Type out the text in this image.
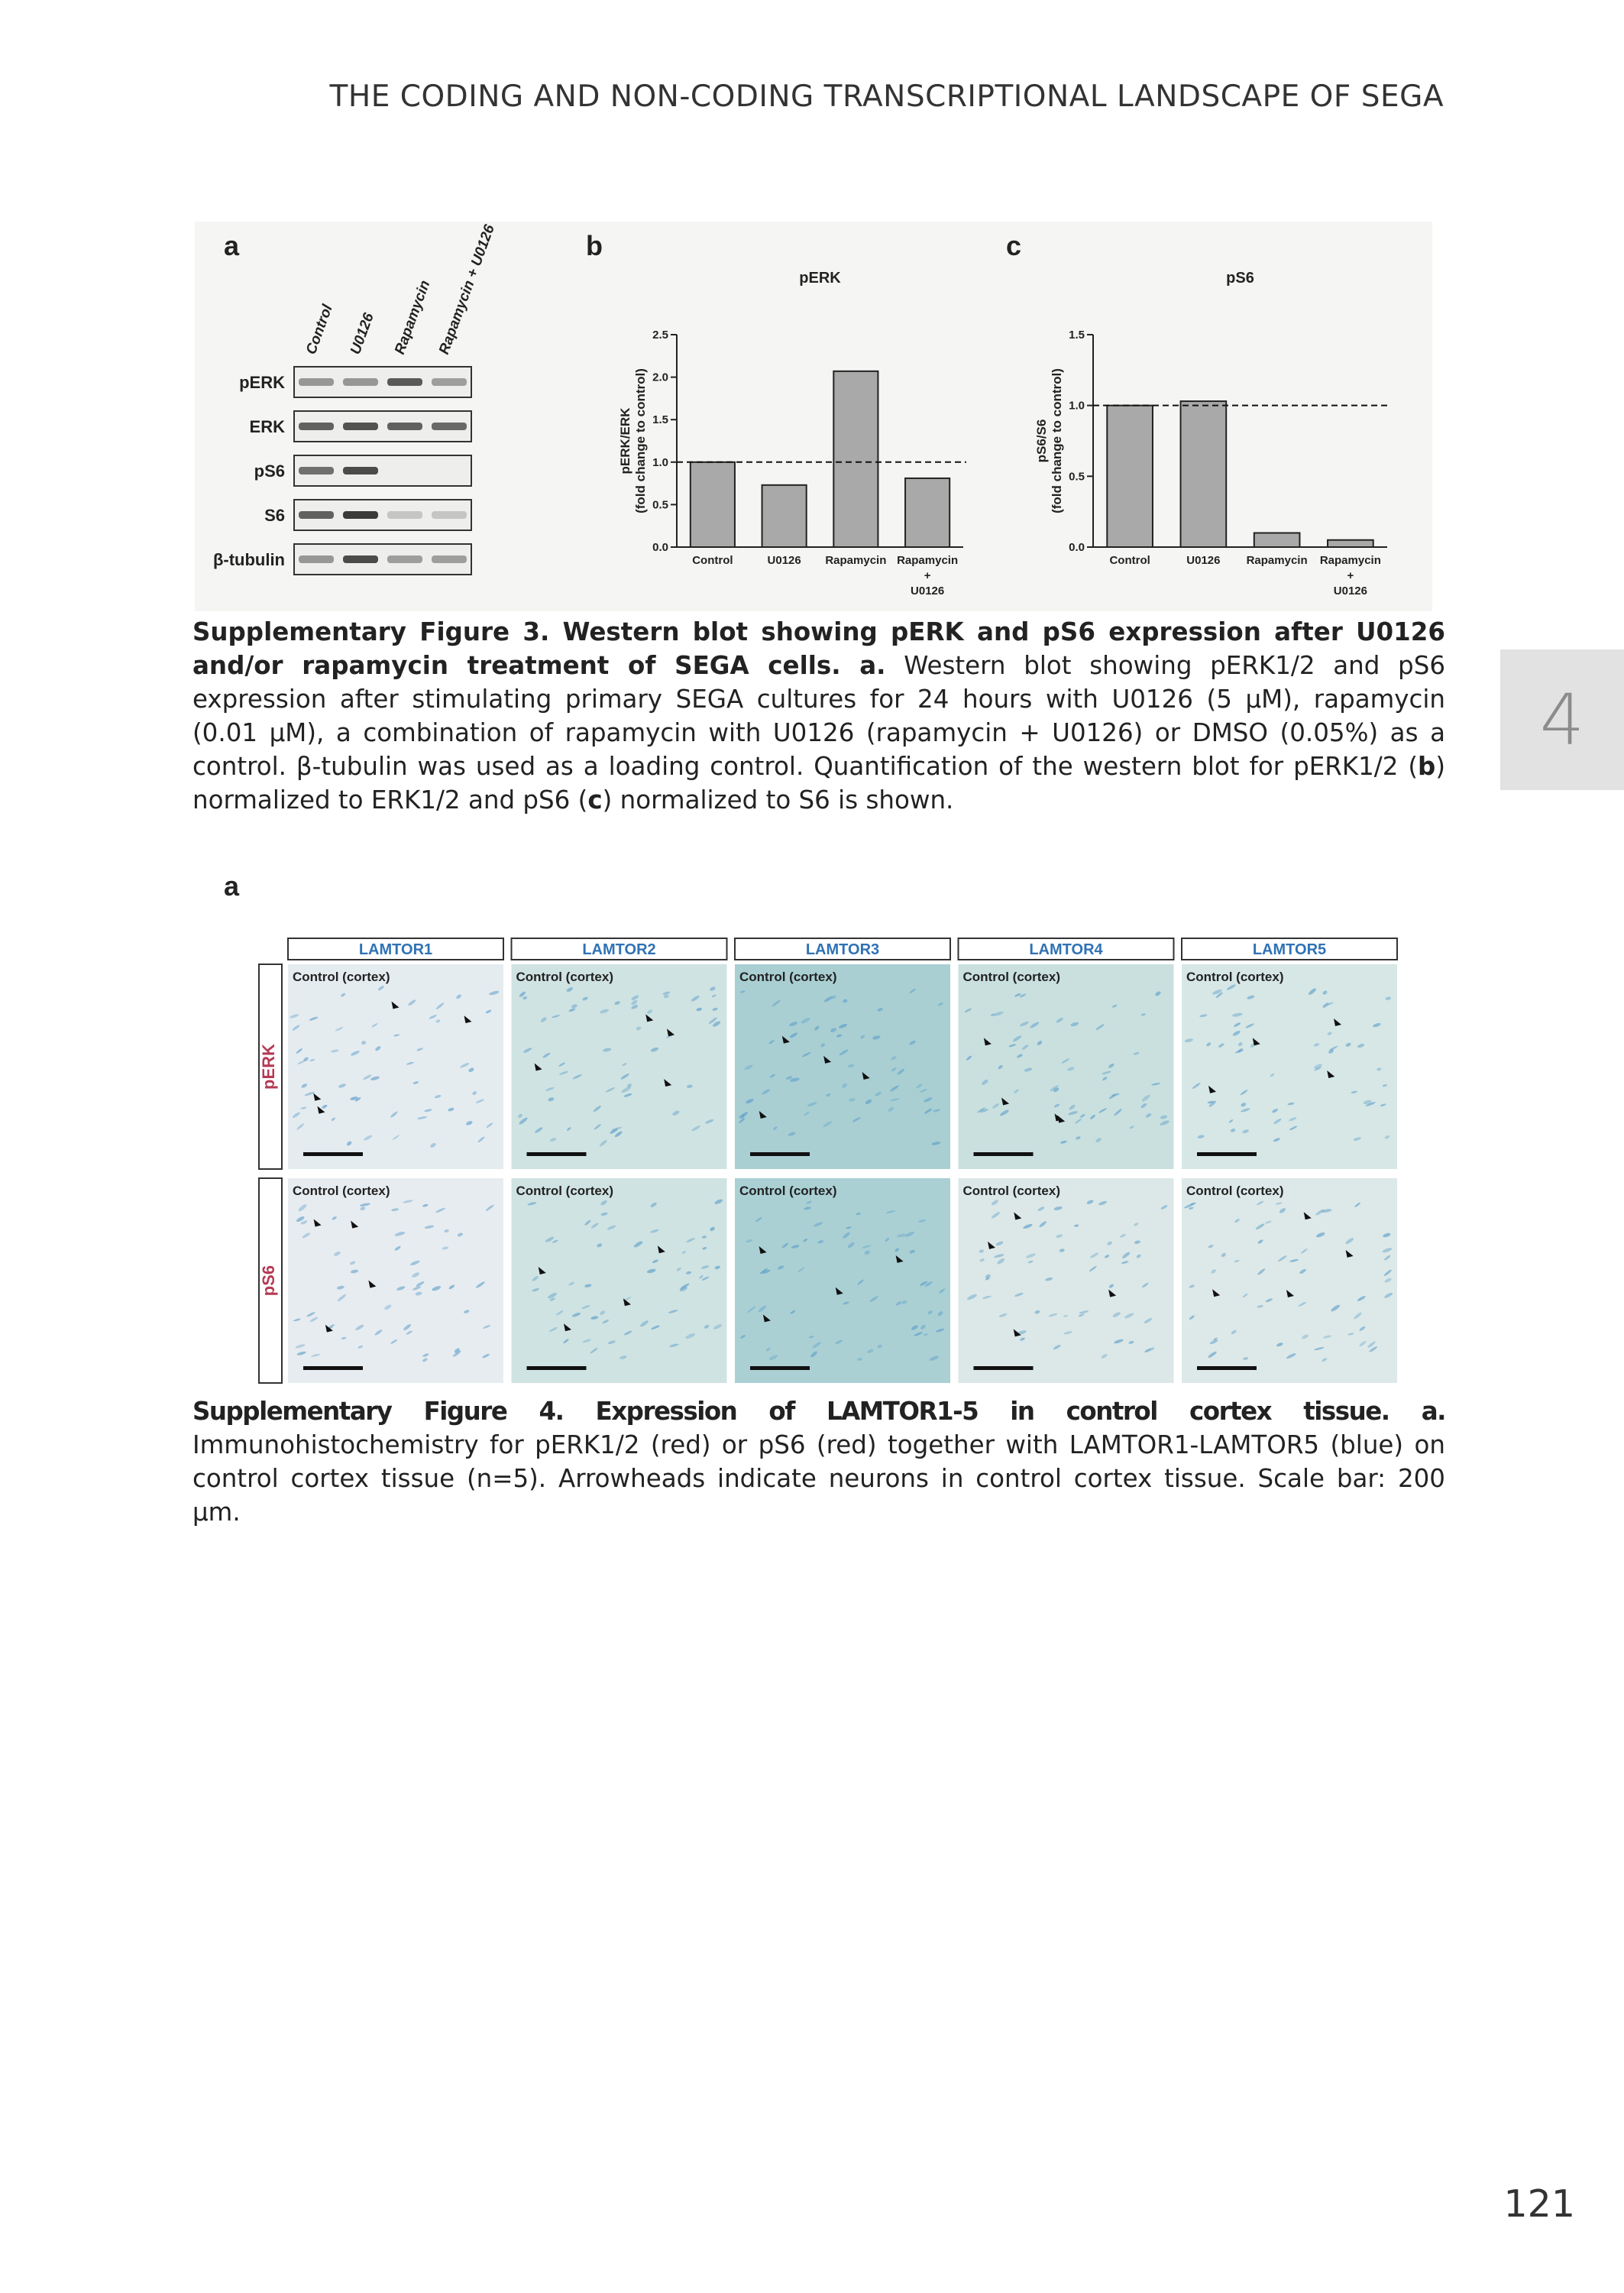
THE CODING AND NON-CODING TRANSCRIPTIONAL LANDSCAPE OF SEGA
4
a	b	c
Control U0126 Rapamycin Rapamycin + U0126
pERK
ERK
pS6
S6
β-tubulin
pERK
0.0
0.5
1.0
1.5
2.0
2.5
pERK/ERK (fold change to control)
Control	U0126 Rapamycin Rapamycin
+
U0126
pS6
0.0
0.5
1.0
1.5
pS6/S6 (fold change to control)
Control	U0126 Rapamycin Rapamycin
+
U0126
Supplementary Figure 3. Western blot showing pERK and pS6 expression after U0126 and/or rapamycin treatment of SEGA cells. a. Western blot showing pERK1/2 and pS6 expression after stimulating primary SEGA cultures for 24 hours with U0126 (5 μM), rapamycin (0.01 μM), a combination of rapamycin with U0126 (rapamycin + U0126) or DMSO (0.05%) as a control. β-tubulin was used as a loading control. Quantification of the western blot for pERK1/2 (b) normalized to ERK1/2 and pS6 (c) normalized to S6 is shown.
a
LAMTOR1	LAMTOR2	LAMTOR3	LAMTOR4	LAMTOR5
pERK
Control (cortex)	Control (cortex)	Control (cortex)	Control (cortex)	Control (cortex)
pS6
Control (cortex)	Control (cortex)	Control (cortex)	Control (cortex)	Control (cortex)
Supplementary Figure 4. Expression of LAMTOR1-5 in control cortex tissue. a. Immunohistochemistry for pERK1/2 (red) or pS6 (red) together with LAMTOR1-LAMTOR5 (blue) on control cortex tissue (n=5). Arrowheads indicate neurons in control cortex tissue. Scale bar: 200 μm.
121
